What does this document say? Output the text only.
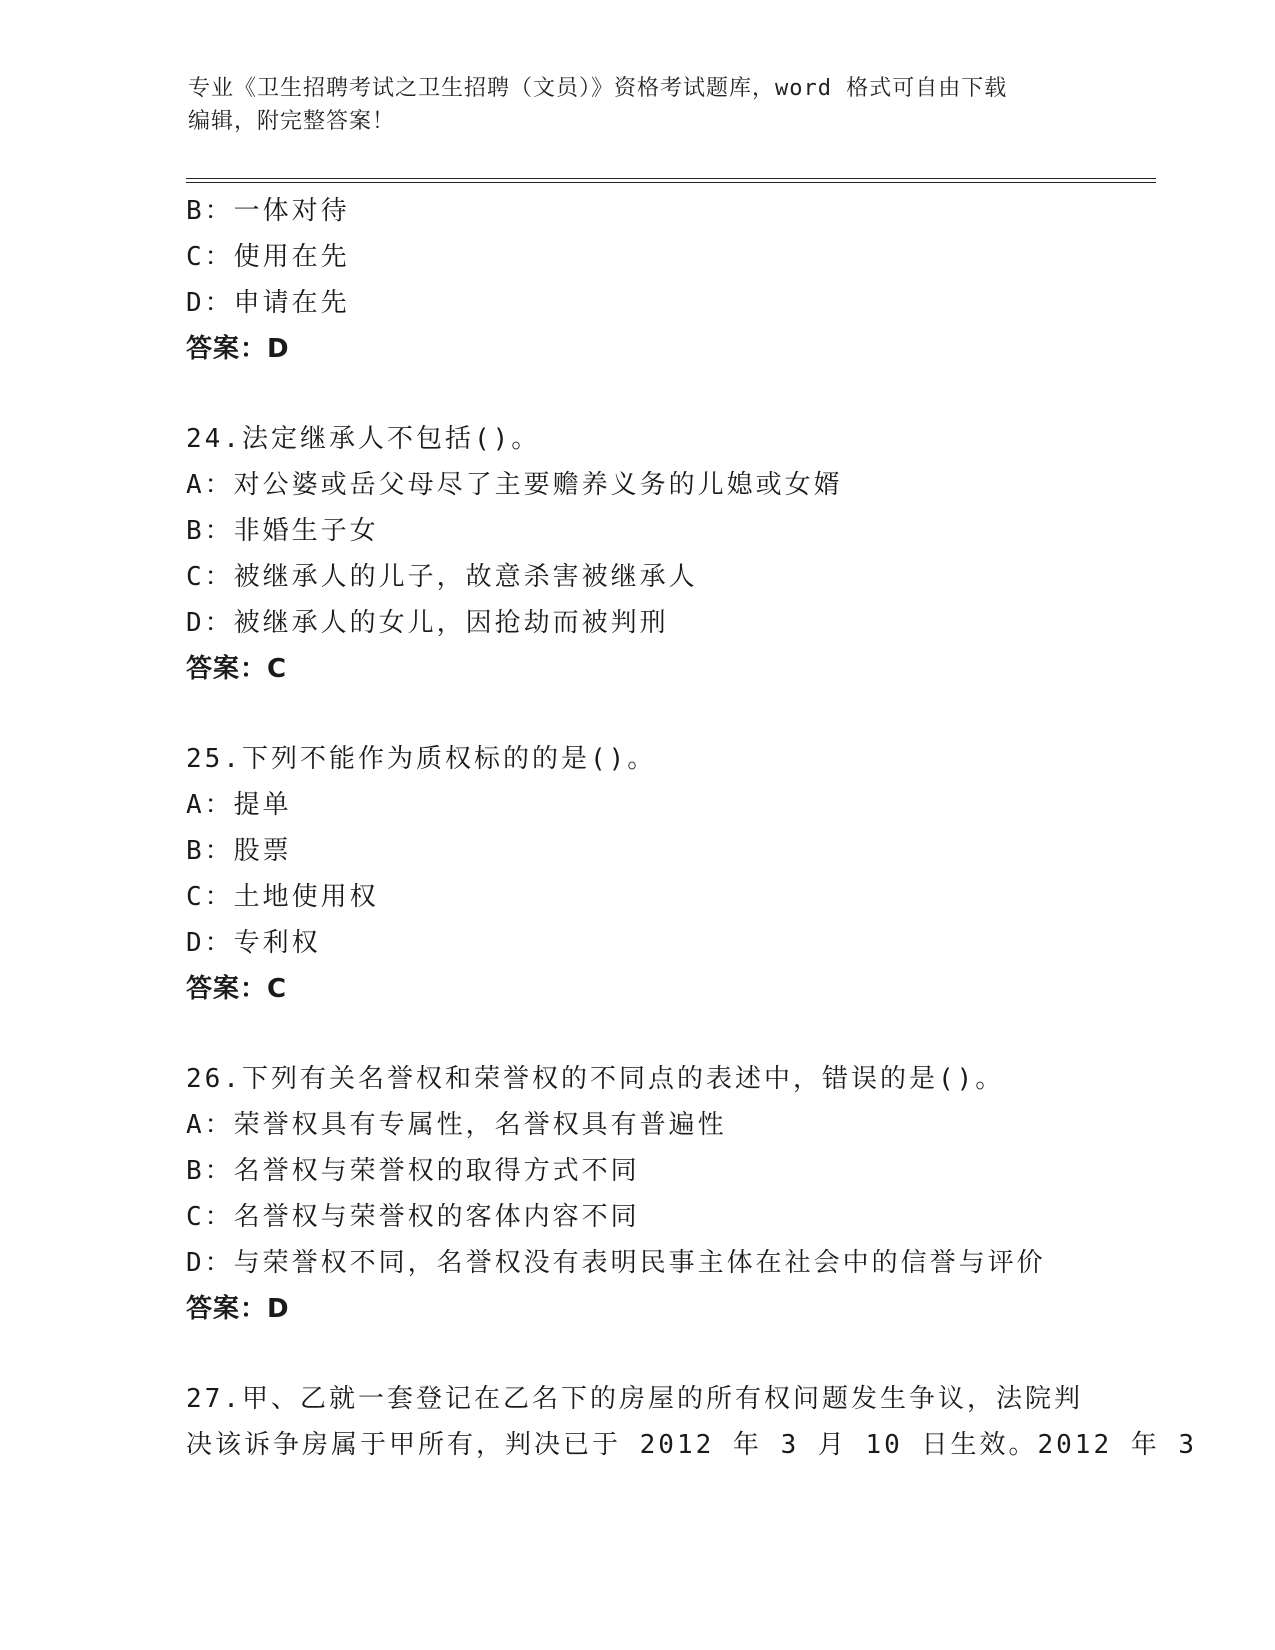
专业《卫生招聘考试之卫生招聘（文员）》资格考试题库，word 格式可自由下载
编辑，附完整答案！
B：一体对待
C：使用在先
D：申请在先
答案：D
24.法定继承人不包括()。
A：对公婆或岳父母尽了主要赡养义务的儿媳或女婿
B：非婚生子女
C：被继承人的儿子，故意杀害被继承人
D：被继承人的女儿，因抢劫而被判刑
答案：C
25.下列不能作为质权标的的是()。
A：提单
B：股票
C：土地使用权
D：专利权
答案：C
26.下列有关名誉权和荣誉权的不同点的表述中，错误的是()。
A：荣誉权具有专属性，名誉权具有普遍性
B：名誉权与荣誉权的取得方式不同
C：名誉权与荣誉权的客体内容不同
D：与荣誉权不同，名誉权没有表明民事主体在社会中的信誉与评价
答案：D
27.甲、乙就一套登记在乙名下的房屋的所有权问题发生争议，法院判
决该诉争房属于甲所有，判决已于 2012 年 3 月 10 日生效。2012 年 3
